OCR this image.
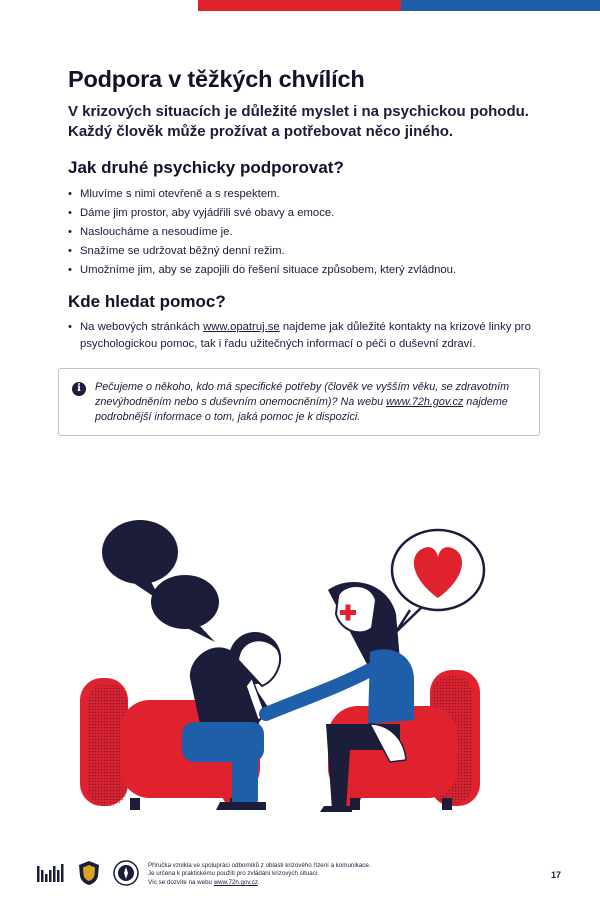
Podpora v těžkých chvílích

V krizových situacích je důležité myslet i na psychickou pohodu. Každý člověk může prožívat a potřebovat něco jiného.

Jak druhé psychicky podporovat?
• Mluvíme s nimi otevřeně a s respektem.
• Dáme jim prostor, aby vyjádřili své obavy a emoce.
• Nasloucháme a nesoudíme je.
• Snažíme se udržovat běžný denní režim.
• Umožníme jim, aby se zapojili do řešení situace způsobem, který zvládnou.
Kde hledat pomoc?
• Na webových stránkách www.opatruj.se najdeme jak důležité kontakty na krizové linky pro psychologickou pomoc, tak i řadu užitečných informací o péči o duševní zdraví.
i	Pečujeme o někoho, kdo má specifické potřeby (člověk ve vyšším věku, se zdravotním znevýhodněním nebo s duševním onemocněním)? Na webu www.72h.gov.cz najdeme podrobnější informace o tom, jaká pomoc je k dispozici.

Příručka vznikla ve spolupráci odborníků z oblasti krizového řízení a komunikace.
Je určena k praktickému použití pro zvládání krizových situací.
Víc se dozvíte na webu www.72h.gov.cz.

17
